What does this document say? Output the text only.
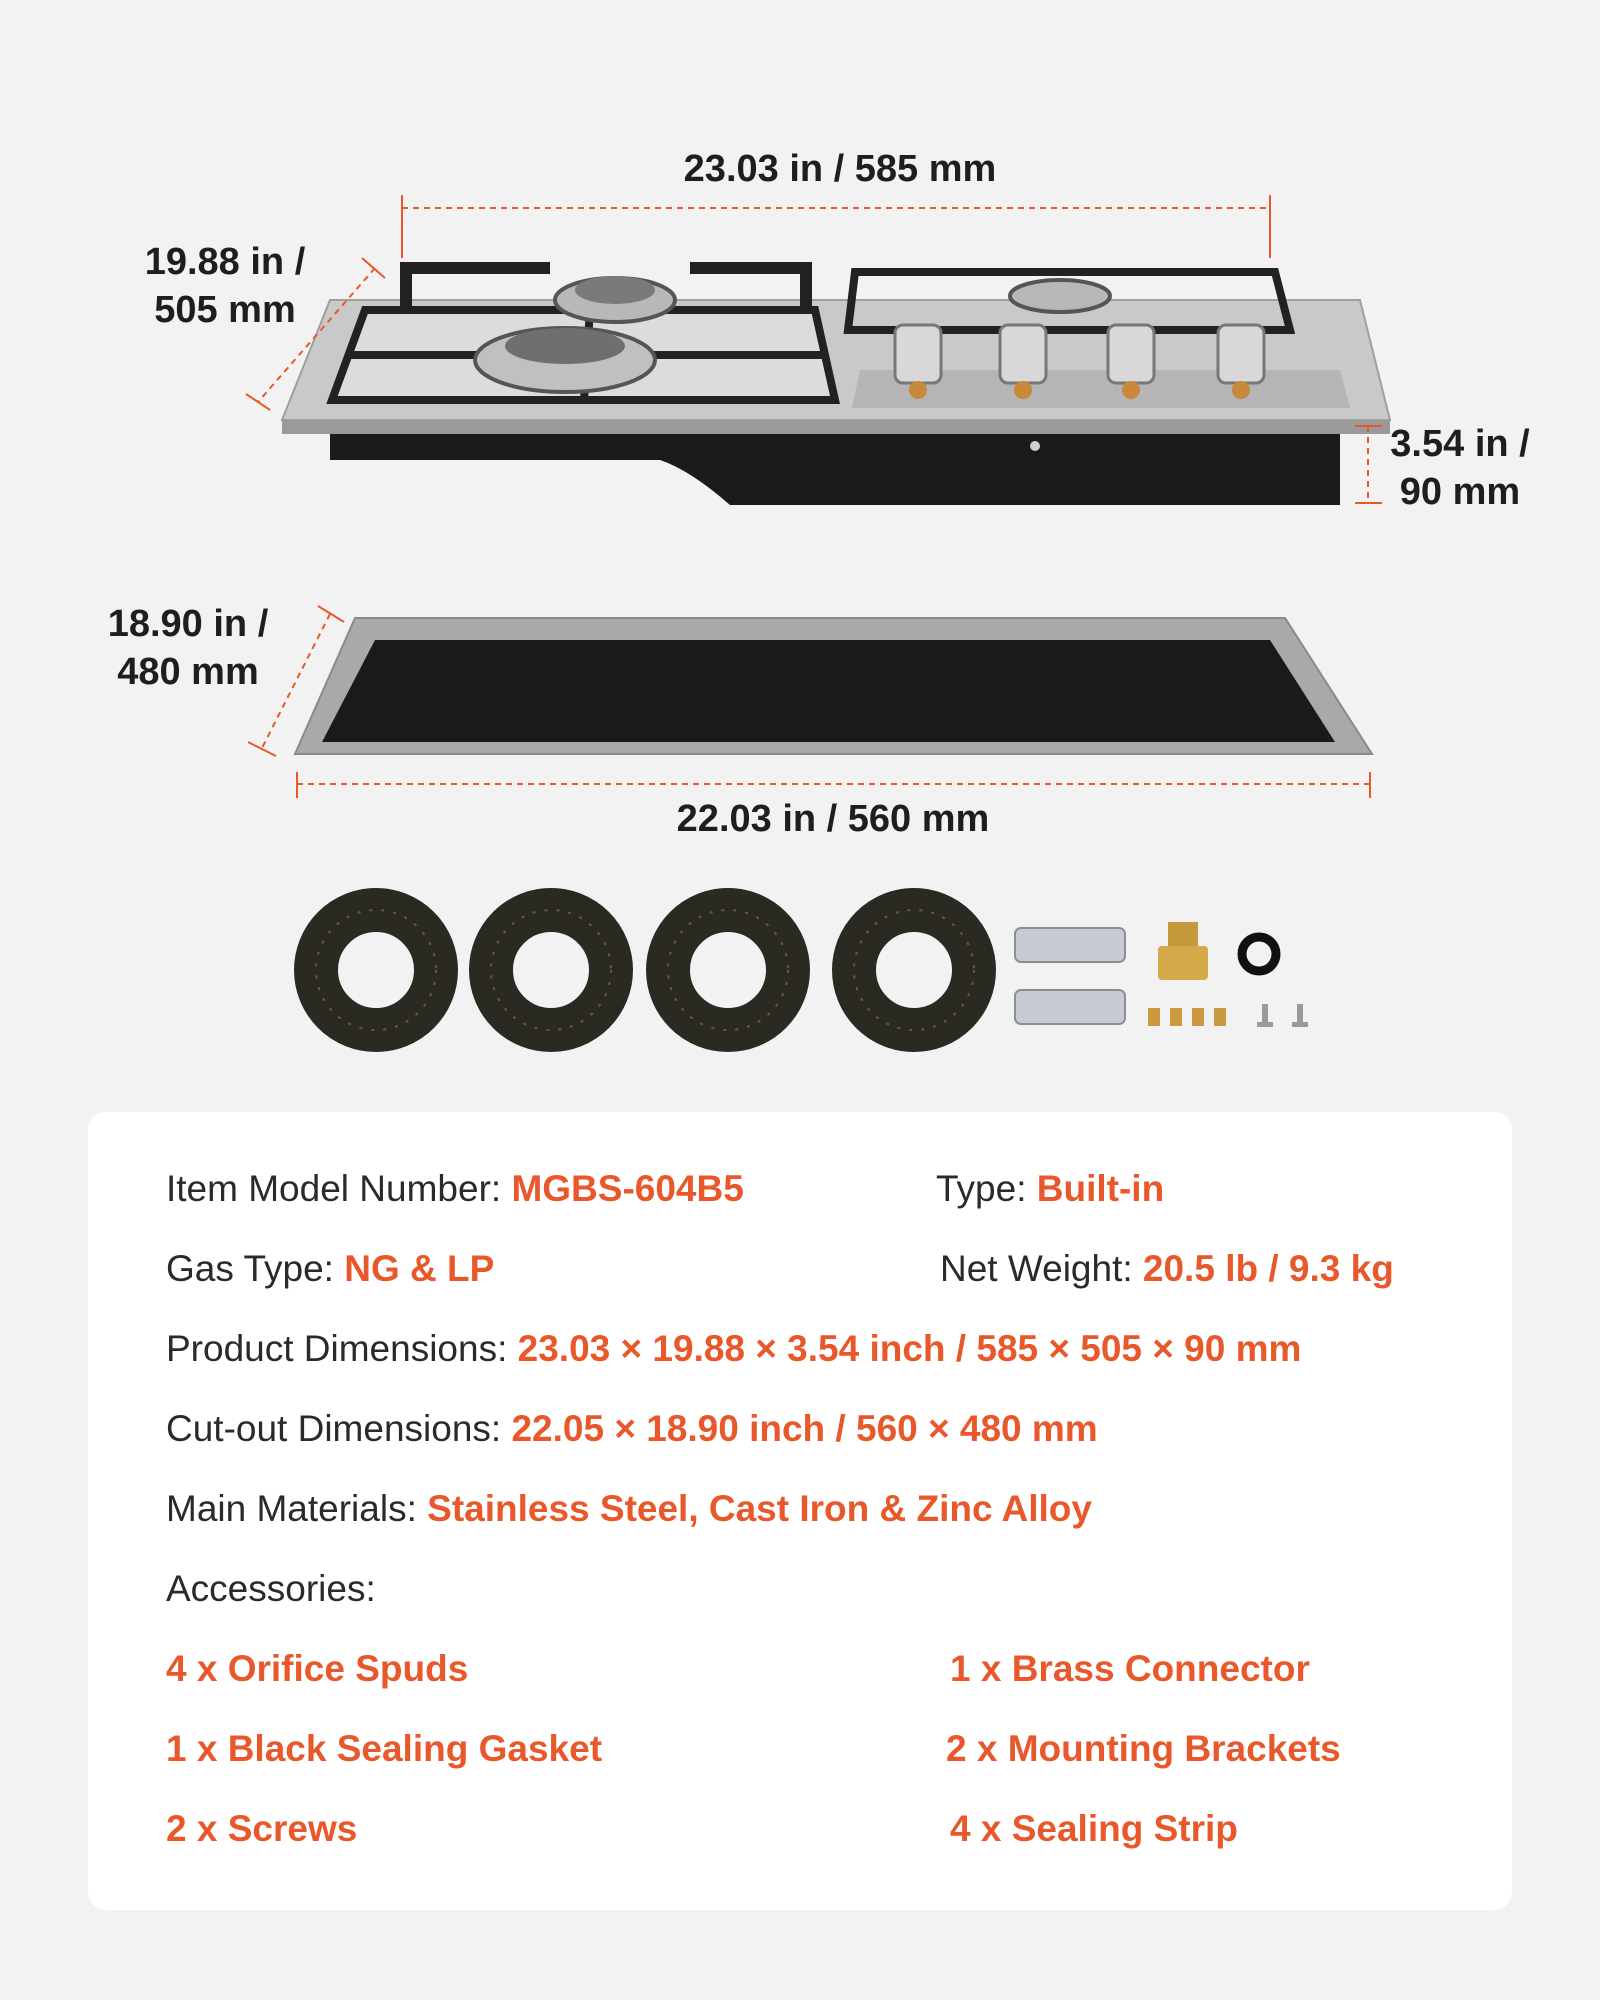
23.03 in / 585 mm
19.88 in /
505 mm
3.54 in /
90 mm
18.90 in /
480 mm
22.03 in / 560 mm
Item Model Number: MGBS-604B5	Type: Built-in
Gas Type: NG & LP	Net Weight: 20.5 lb / 9.3 kg
Product Dimensions: 23.03 × 19.88 × 3.54 inch / 585 × 505 × 90 mm
Cut-out Dimensions: 22.05 × 18.90 inch / 560 × 480 mm
Main Materials: Stainless Steel, Cast Iron & Zinc Alloy
Accessories:
4 x Orifice Spuds	1 x Brass Connector
1 x Black Sealing Gasket	2 x Mounting Brackets
2 x Screws	4 x Sealing Strip
